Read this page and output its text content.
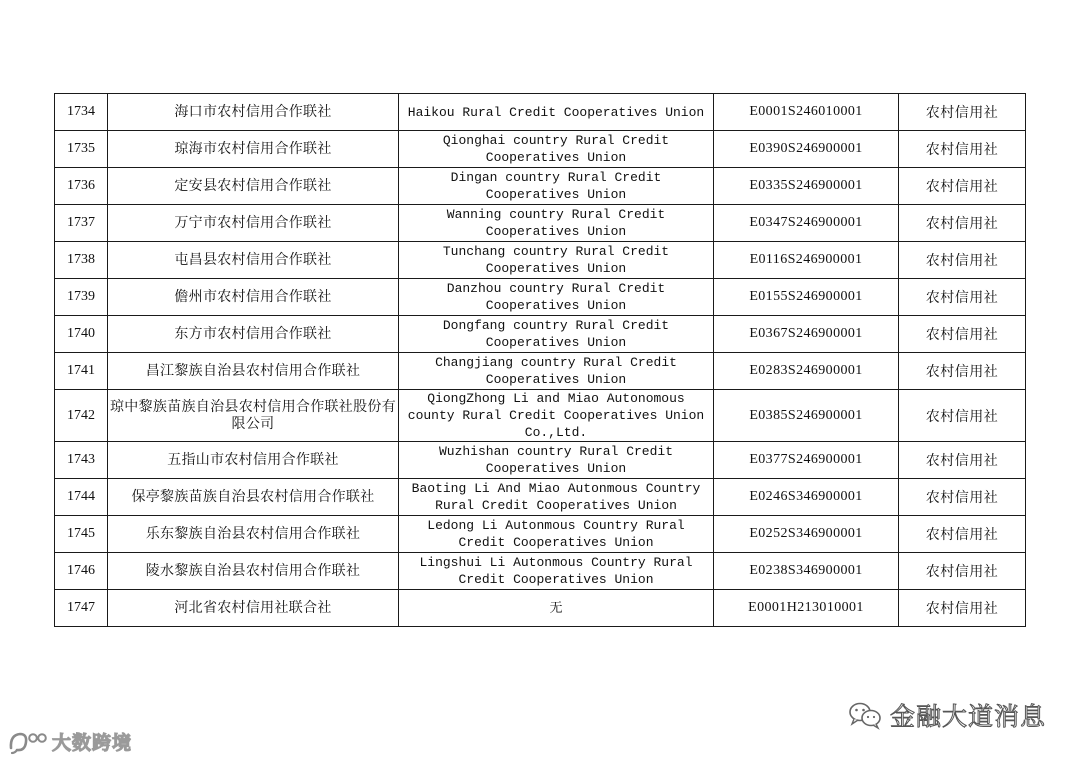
1734	海口市农村信用合作联社	Haikou Rural Credit Cooperatives Union	E0001S246010001	农村信用社
1735	琼海市农村信用合作联社	Qionghai country Rural Credit Cooperatives Union	E0390S246900001	农村信用社
1736	定安县农村信用合作联社	Dingan country Rural Credit Cooperatives Union	E0335S246900001	农村信用社
1737	万宁市农村信用合作联社	Wanning country Rural Credit Cooperatives Union	E0347S246900001	农村信用社
1738	屯昌县农村信用合作联社	Tunchang country Rural Credit Cooperatives Union	E0116S246900001	农村信用社
1739	儋州市农村信用合作联社	Danzhou country Rural Credit Cooperatives Union	E0155S246900001	农村信用社
1740	东方市农村信用合作联社	Dongfang country Rural Credit Cooperatives Union	E0367S246900001	农村信用社
1741	昌江黎族自治县农村信用合作联社	Changjiang country Rural Credit Cooperatives Union	E0283S246900001	农村信用社
1742	琼中黎族苗族自治县农村信用合作联社股份有限公司	QiongZhong Li and Miao Autonomous county Rural Credit Cooperatives Union Co.,Ltd.	E0385S246900001	农村信用社
1743	五指山市农村信用合作联社	Wuzhishan country Rural Credit Cooperatives Union	E0377S246900001	农村信用社
1744	保亭黎族苗族自治县农村信用合作联社	Baoting Li And Miao Autonmous Country Rural Credit Cooperatives Union	E0246S346900001	农村信用社
1745	乐东黎族自治县农村信用合作联社	Ledong Li Autonmous Country Rural Credit Cooperatives Union	E0252S346900001	农村信用社
1746	陵水黎族自治县农村信用合作联社	Lingshui Li Autonmous Country Rural Credit Cooperatives Union	E0238S346900001	农村信用社
1747	河北省农村信用社联合社	无	E0001H213010001	农村信用社
大数跨境
金融大道消息
